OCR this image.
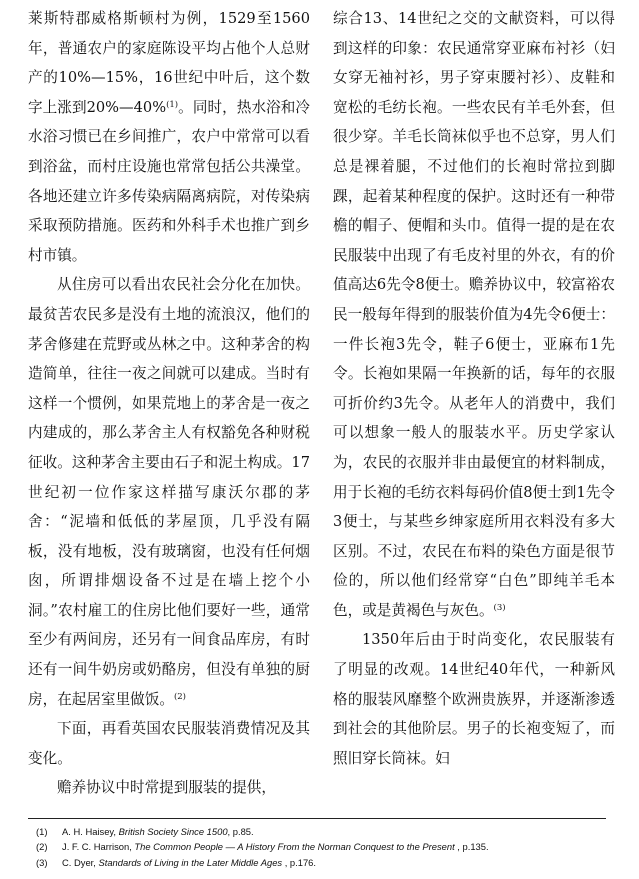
莱斯特郡威格斯顿村为例，1529至1560年，普通农户的家庭陈设平均占他个人总财产的10%—15%，16世纪中叶后，这个数字上涨到20%—40%$^{(1)}$。同时，热水浴和冷水浴习惯已在乡间推广，农户中常常可以看到浴盆，而村庄设施也常常包括公共澡堂。各地还建立许多传染病隔离病院，对传染病采取预防措施。医药和外科手术也推广到乡村市镇。

从住房可以看出农民社会分化在加快。最贫苦农民多是没有土地的流浪汉，他们的茅舍修建在荒野或丛林之中。这种茅舍的构造简单，往往一夜之间就可以建成。当时有这样一个惯例，如果荒地上的茅舍是一夜之内建成的，那么茅舍主人有权豁免各种财税征收。这种茅舍主要由石子和泥土构成。17世纪初一位作家这样描写康沃尔郡的茅舍：“泥墙和低低的茅屋顶，几乎没有隔板，没有地板，没有玻璃窗，也没有任何烟囱，所谓排烟设备不过是在墙上挖个小洞。”农村雇工的住房比他们要好一些，通常至少有两间房，还另有一间食品库房，有时还有一间牛奶房或奶酪房，但没有单独的厨房，在起居室里做饭。$^{(2)}$

下面，再看英国农民服装消费情况及其变化。

赡养协议中时常提到服装的提供，

综合13、14世纪之交的文献资料，可以得到这样的印象：农民通常穿亚麻布衬衫（妇女穿无袖衬衫，男子穿束腰衬衫）、皮鞋和宽松的毛纺长袍。一些农民有羊毛外套，但很少穿。羊毛长筒袜似乎也不总穿，男人们总是裸着腿，不过他们的长袍时常拉到脚踝，起着某种程度的保护。这时还有一种带檐的帽子、便帽和头巾。值得一提的是在农民服装中出现了有毛皮衬里的外衣，有的价值高达6先令8便士。赡养协议中，较富裕农民一般每年得到的服装价值为4先令6便士：一件长袍3先令，鞋子6便士，亚麻布1先令。长袍如果隔一年换新的话，每年的衣服可折价约3先令。从老年人的消费中，我们可以想象一般人的服装水平。历史学家认为，农民的衣服并非由最便宜的材料制成，用于长袍的毛纺衣料每码价值8便士到1先令3便士，与某些乡绅家庭所用衣料没有多大区别。不过，农民在布料的染色方面是很节俭的，所以他们经常穿“白色”即纯羊毛本色，或是黄褐色与灰色。$^{(3)}$

1350年后由于时尚变化，农民服装有了明显的改观。14世纪40年代，一种新风格的服装风靡整个欧洲贵族界，并逐渐渗透到社会的其他阶层。男子的长袍变短了，而照旧穿长筒袜。妇

(1) A. H. Haisey, British Society Since 1500, p.85.
(2) J. F. C. Harrison, The Common People — A History From the Norman Conquest to the Present , p.135.
(3) C. Dyer, Standards of Living in the Later Middle Ages , p.176.
